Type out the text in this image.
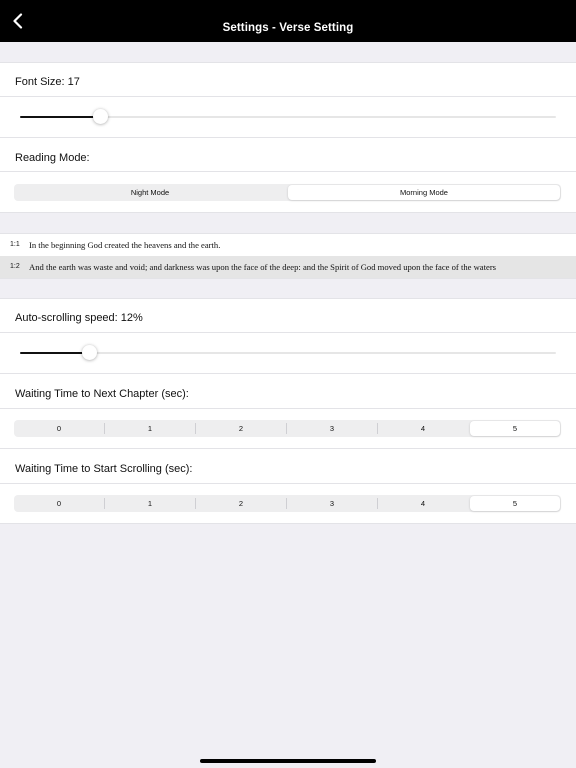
Settings - Verse Setting
Font Size: 17
Reading Mode:
Night Mode	Morning Mode
1:1 In the beginning God created the heavens and the earth.
1:2 And the earth was waste and void; and darkness was upon the face of the deep: and the Spirit of God moved upon the face of the waters
Auto-scrolling speed: 12%
Waiting Time to Next Chapter (sec):
0	1	2	3	4	5
Waiting Time to Start Scrolling (sec):
0	1	2	3	4	5
